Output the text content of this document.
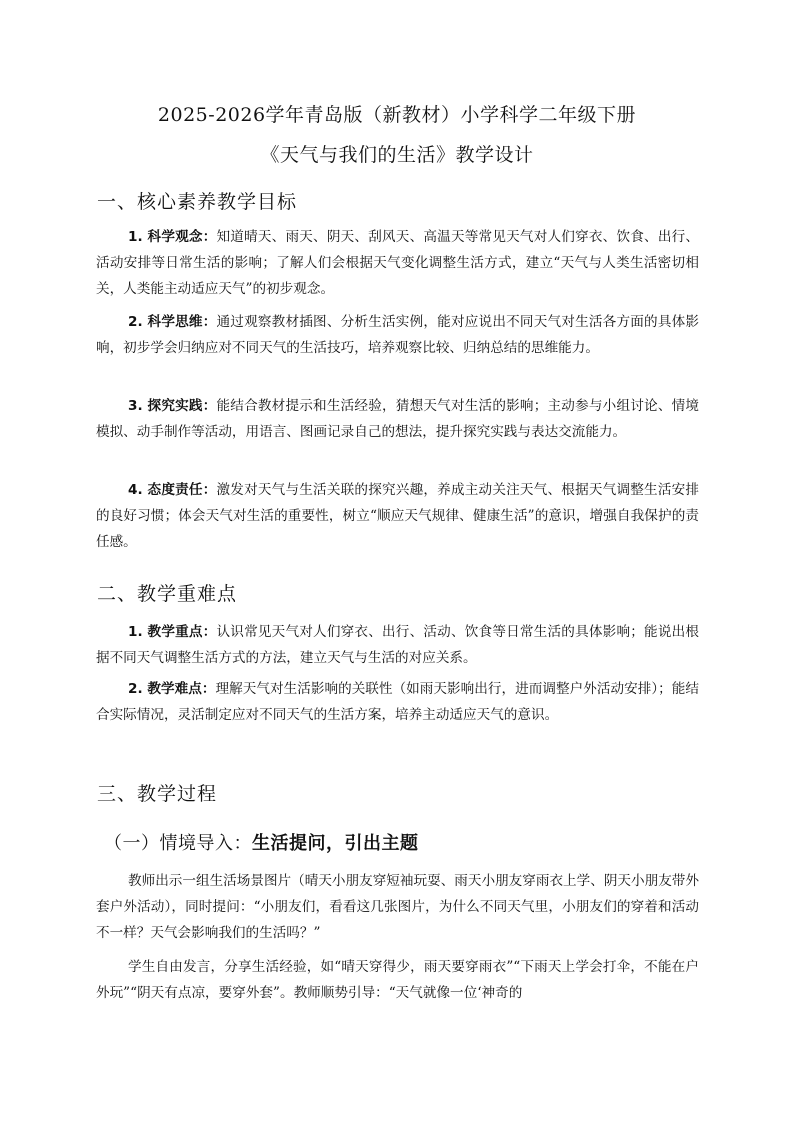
2025-2026学年青岛版（新教材）小学科学二年级下册
《天气与我们的生活》教学设计
一、核心素养教学目标
1. 科学观念：知道晴天、雨天、阴天、刮风天、高温天等常见天气对人们穿衣、饮食、出行、活动安排等日常生活的影响；了解人们会根据天气变化调整生活方式，建立“天气与人类生活密切相关，人类能主动适应天气”的初步观念。
2. 科学思维：通过观察教材插图、分析生活实例，能对应说出不同天气对生活各方面的具体影响，初步学会归纳应对不同天气的生活技巧，培养观察比较、归纳总结的思维能力。
3. 探究实践：能结合教材提示和生活经验，猜想天气对生活的影响；主动参与小组讨论、情境模拟、动手制作等活动，用语言、图画记录自己的想法，提升探究实践与表达交流能力。
4. 态度责任：激发对天气与生活关联的探究兴趣，养成主动关注天气、根据天气调整生活安排的良好习惯；体会天气对生活的重要性，树立“顺应天气规律、健康生活”的意识，增强自我保护的责任感。
二、教学重难点
1. 教学重点：认识常见天气对人们穿衣、出行、活动、饮食等日常生活的具体影响；能说出根据不同天气调整生活方式的方法，建立天气与生活的对应关系。
2. 教学难点：理解天气对生活影响的关联性（如雨天影响出行，进而调整户外活动安排）；能结合实际情况，灵活制定应对不同天气的生活方案，培养主动适应天气的意识。
三、教学过程
（一）情境导入：生活提问，引出主题
教师出示一组生活场景图片（晴天小朋友穿短袖玩耍、雨天小朋友穿雨衣上学、阴天小朋友带外套户外活动），同时提问：“小朋友们，看看这几张图片，为什么不同天气里，小朋友们的穿着和活动不一样？天气会影响我们的生活吗？”
学生自由发言，分享生活经验，如“晴天穿得少，雨天要穿雨衣”“下雨天上学会打伞，不能在户外玩”“阴天有点凉，要穿外套”。教师顺势引导：“天气就像一位‘神奇的
